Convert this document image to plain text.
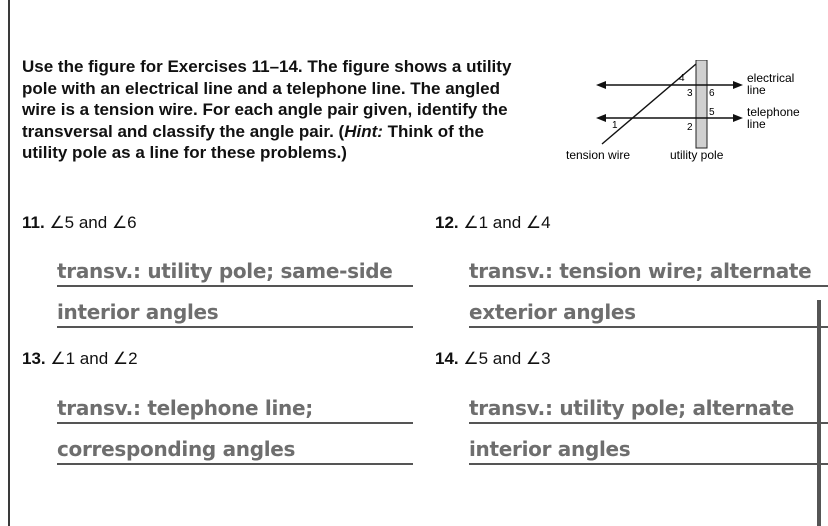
Use the figure for Exercises 11–14. The figure shows a utility pole with an electrical line and a telephone line. The angled wire is a tension wire. For each angle pair given, identify the transversal and classify the angle pair. (Hint: Think of the utility pole as a line for these problems.)
4
3 6
5
2
1
electrical
line
telephone
line
tension wire	utility pole
11. ∠5 and ∠6
transv.: utility pole; same-side
interior angles
12. ∠1 and ∠4
transv.: tension wire; alternate
exterior angles
13. ∠1 and ∠2
transv.: telephone line;
corresponding angles
14. ∠5 and ∠3
transv.: utility pole; alternate
interior angles
